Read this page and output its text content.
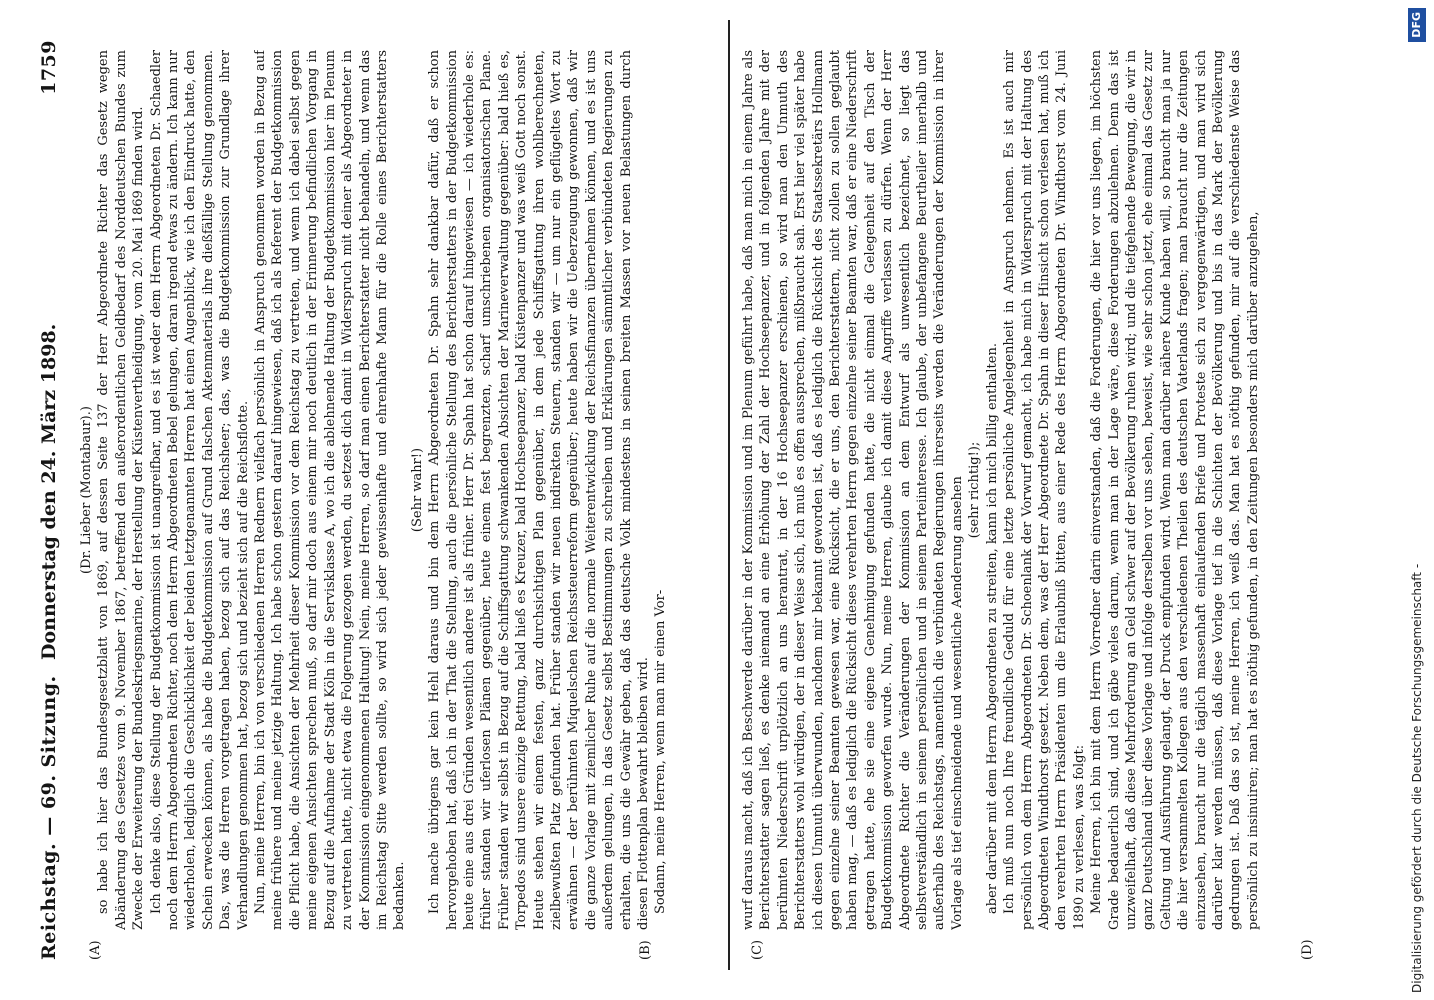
Reichstag. — 69. Sitzung.
Donnerstag den 24. März 1898.
1759
(A)	(B)

(Dr. Lieber (Montabaur).) so habe ich hier das Bundesgesetzblatt von 1869, auf dessen Seite 137 der Herr Abgeordnete Richter das Gesetz wegen Abänderung des Gesetzes vom 9. November 1867, betreffend den außerordentlichen Geldbedarf des Norddeutschen Bundes zum Zwecke der Erweiterung der Bundeskriegsmarine, der Herstellung der Küstenvertheidigung, vom 20. Mai 1869 finden wird. Ich denke also, diese Stellung der Budgetkommission ist unangreifbar, und es ist weder dem Herrn Abgeordneten Dr. Schaedler noch dem Herrn Abgeordneten Richter, noch dem Herrn Abgeordneten Bebel gelungen, daran irgend etwas zu ändern. Ich kann nur wiederholen, lediglich die Geschicklichkeit der beiden letztgenannten Herren hat einen Augenblick, wie ich den Eindruck hatte, den Schein erwecken können, als habe die Budgetkommission auf Grund falschen Aktenmaterials ihre dießfällige Stellung genommen. Das, was die Herren vorgetragen haben, bezog sich auf das Reichsheer; das, was die Budgetkommission zur Grundlage ihrer Verhandlungen genommen hat, bezog sich und bezieht sich auf die Reichsflotte. Nun, meine Herren, bin ich von verschiedenen Herren Rednern vielfach persönlich in Anspruch genommen worden in Bezug auf meine frühere und meine jetzige Haltung. Ich habe schon gestern darauf hingewiesen, daß ich als Referent der Budgetkommission die Pflicht habe, die Ansichten der Mehrheit dieser Kommission vor dem Reichstag zu vertreten, und wenn ich dabei selbst gegen meine eigenen Ansichten sprechen muß, so darf mir doch aus einem mir noch deutlich in der Erinnerung befindlichen Vorgang in Bezug auf die Aufnahme der Stadt Köln in die Servisklasse A, wo ich die ablehnende Haltung der Budgetkommission hier im Plenum zu vertreten hatte, nicht etwa die Folgerung gezogen werden, du setzest dich damit in Widerspruch mit deiner als Abgeordneter in der Kommission eingenommenen Haltung! Nein, meine Herren, so darf man einen Berichterstatter nicht behandeln, und wenn das im Reichstag Sitte werden sollte, so wird sich jeder gewissenhafte und ehrenhafte Mann für die Rolle eines Berichterstatters bedanken.

(Sehr wahr!) Ich mache übrigens gar kein Hehl daraus und bin dem Herrn Abgeordneten Dr. Spahn sehr dankbar dafür, daß er schon hervorgehoben hat, daß ich in der That die Stellung, auch die persönliche Stellung des Berichterstatters in der Budgetkommission heute eine aus drei Gründen wesentlich andere ist als früher. Herr Dr. Spahn hat schon darauf hingewiesen — ich wiederhole es: früher standen wir uferlosen Plänen gegenüber, heute einem fest begrenzten, scharf umschriebenen organisatorischen Plane. Früher standen wir selbst in Bezug auf die Schiffsgattung schwankenden Absichten der Marineverwaltung gegenüber: bald hieß es, Torpedos sind unsere einzige Rettung, bald hieß es Kreuzer, bald Hochseepanzer, bald Küstenpanzer und was weiß Gott noch sonst. Heute stehen wir einem festen, ganz durchsichtigen Plan gegenüber, in dem jede Schiffsgattung ihren wohlberechneten, zielbewußten Platz gefunden hat. Früher standen wir neuen indirekten Steuern, standen wir — um nur ein geflügeltes Wort zu erwähnen — der berühmten Miquelschen Reichssteuerreform gegenüber; heute haben wir die Ueberzeugung gewonnen, daß wir die ganze Vorlage mit ziemlicher Ruhe auf die normale Weiterentwicklung der Reichsfinanzen übernehmen können, und es ist uns außerdem gelungen, in das Gesetz selbst Bestimmungen zu schreiben und Erklärungen sämmtlicher verbündeten Regierungen zu erhalten, die uns die Gewähr geben, daß das deutsche Volk mindestens in seinen breiten Massen vor neuen Belastungen durch diesen Flottenplan bewahrt bleiben wird. Sodann, meine Herren, wenn man mir einen Vor-

(C)	(D)

wurf daraus macht, daß ich Beschwerde darüber in der Kommission und im Plenum geführt habe, daß man mich in einem Jahre als Berichterstatter sagen ließ, es denke niemand an eine Erhöhung der Zahl der Hochseepanzer, und in folgenden Jahre mit der berühmten Niederschrift urplötzlich an uns herantrat, in der 16 Hochseepanzer erschienen, so wird man den Unmuth des Berichterstatters wohl würdigen, der in dieser Weise sich, ich muß es offen aussprechen, mißbraucht sah. Erst hier viel später habe ich diesen Unmuth überwunden, nachdem mir bekannt geworden ist, daß es lediglich die Rücksicht des Staatssekretärs Hollmann gegen einzelne seiner Beamten gewesen war, eine Rücksicht, die er uns, den Berichterstattern, nicht zollen zu sollen geglaubt haben mag, — daß es lediglich die Rücksicht dieses verehrten Herrn gegen einzelne seiner Beamten war, daß er eine Niederschrift getragen hatte, ehe sie eine eigene Genehmigung gefunden hatte, die nicht einmal die Gelegenheit auf den Tisch der Budgetkommission geworfen wurde. Nun, meine Herren, glaube ich damit diese Angriffe verlassen zu dürfen. Wenn der Herr Abgeordnete Richter die Veränderungen der Kommission an dem Entwurf als unwesentlich bezeichnet, so liegt das selbstverständlich in seinem persönlichen und in seinem Parteiinteresse. Ich glaube, der unbefangene Beurtheiler innerhalb und außerhalb des Reichstags, namentlich die verbündeten Regierungen ihrerseits werden die Veränderungen der Kommission in ihrer Vorlage als tief einschneidende und wesentliche Aenderung ansehen (sehr richtig!); aber darüber mit dem Herrn Abgeordneten zu streiten, kann ich mich billig enthalten. Ich muß nun noch Ihre freundliche Geduld für eine letzte persönliche Angelegenheit in Anspruch nehmen. Es ist auch mir persönlich von dem Herrn Abgeordneten Dr. Schoenlank der Vorwurf gemacht, ich habe mich in Widerspruch mit der Haltung des Abgeordneten Windthorst gesetzt. Neben dem, was der Herr Abgeordnete Dr. Spahn in dieser Hinsicht schon verlesen hat, muß ich den verehrten Herrn Präsidenten um die Erlaubniß bitten, aus einer Rede des Herrn Abgeordneten Dr. Windthorst vom 24. Juni 1890 zu verlesen, was folgt: Meine Herren, ich bin mit dem Herrn Vorredner darin einverstanden, daß die Forderungen, die hier vor uns liegen, im höchsten Grade bedauerlich sind, und ich gäbe vieles darum, wenn man in der Lage wäre, diese Forderungen abzulehnen. Denn das ist unzweifelhaft, daß diese Mehrforderung an Geld schwer auf der Bevölkerung ruhen wird; und die tiefgehende Bewegung, die wir in ganz Deutschland über diese Vorlage und infolge derselben vor uns sehen, beweist, wie sehr schon jetzt, ehe einmal das Gesetz zur Geltung und Ausführung gelangt, der Druck empfunden wird. Wenn man darüber nähere Kunde haben will, so braucht man ja nur die hier versammelten Kollegen aus den verschiedenen Theilen des deutschen Vaterlands fragen; man braucht nur die Zeitungen einzusehen, braucht nur die täglich massenhaft einlaufenden Briefe und Proteste sich zu vergegenwärtigen, und man wird sich darüber klar werden müssen, daß diese Vorlage tief in die Schichten der Bevölkerung und bis in das Mark der Bevölkerung gedrungen ist. Daß das so ist, meine Herren, ich weiß das. Man hat es nöthig gefunden, mir auf die verschiedenste Weise das persönlich zu insinuiren; man hat es nöthig gefunden, in den Zeitungen besonders mich darüber anzugehen,	Digitalisierung gefördert durch die Deutsche Forschungsgemeinschaft -
DFG
